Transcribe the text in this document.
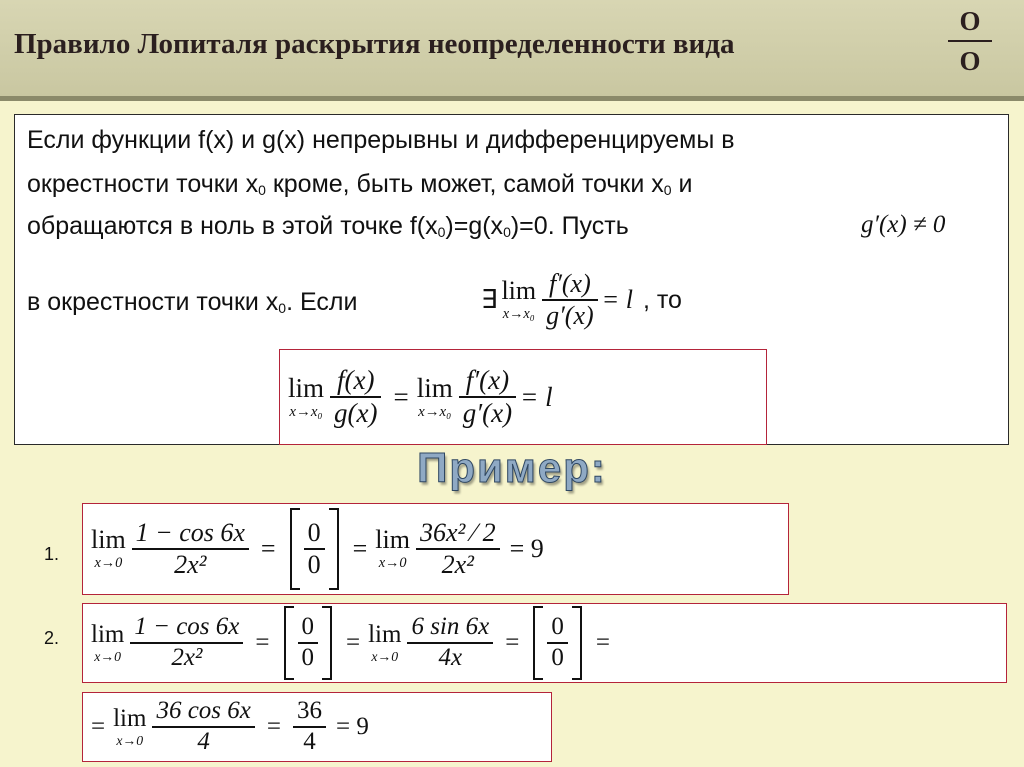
Правило Лопиталя раскрытия неопределенности вида
О
О
Если функции f(x) и g(x) непрерывны и дифференцируемы в
окрестности точки $х_0$ кроме, быть может, самой точки $х_0$ и
обращаются в ноль в этой точке $f(x_0)=g(x_0)=0$. Пусть	g′(x) ≠ 0
в окрестности точки $х_0$. Если	∃ lim
$x\to x_0 \frac{f'(x)}{g'(x)} = l$ , то
lim
$x\to x_0 \frac{f(x)}{g(x)} = \lim$
$x\to x_0 \frac{f'(x)}{g'(x)} = l$
Пример:
1. lim
$x\to 0 \frac{1 - \cos 6x}{\text{2x²}} = \frac{0}{0} = \lim$
$x\to 0 \frac{\text{36x² ⁄ 2}}{\text{2x²}} = 9$
2. lim
$x\to 0 \frac{1 - \cos 6x}{\text{2x²}} = \frac{0}{0} = \lim$
$x\to 0 \frac{6 \sin 6x}{4x} = \frac{0}{0}$ =
= lim
$x\to 0 \frac{36 \cos 6x}{4} = \frac{36}{4} = 9$
